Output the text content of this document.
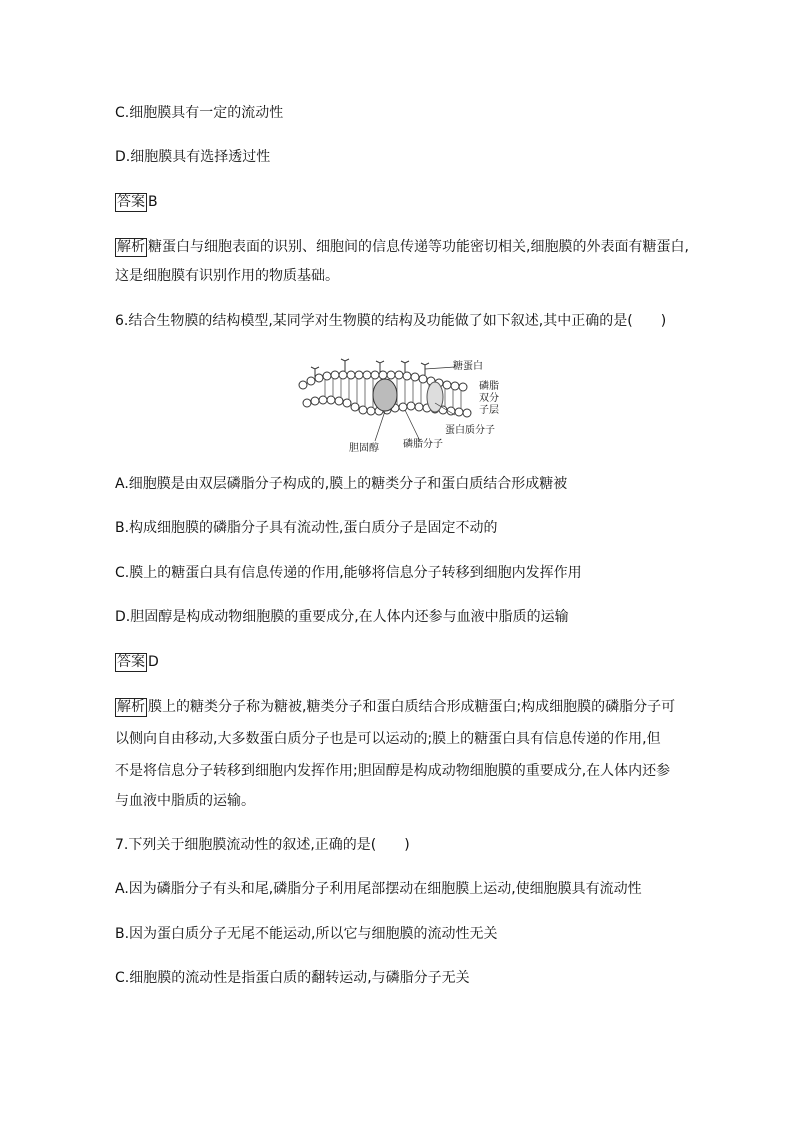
C.细胞膜具有一定的流动性
D.细胞膜具有选择透过性
答案 B
解析 糖蛋白与细胞表面的识别、细胞间的信息传递等功能密切相关,细胞膜的外表面有糖蛋白,
这是细胞膜有识别作用的物质基础。
6.结合生物膜的结构模型,某同学对生物膜的结构及功能做了如下叙述,其中正确的是(　　)
糖蛋白
磷脂
双分
子层
蛋白质分子
胆固醇 磷脂分子
A.细胞膜是由双层磷脂分子构成的,膜上的糖类分子和蛋白质结合形成糖被
B.构成细胞膜的磷脂分子具有流动性,蛋白质分子是固定不动的
C.膜上的糖蛋白具有信息传递的作用,能够将信息分子转移到细胞内发挥作用
D.胆固醇是构成动物细胞膜的重要成分,在人体内还参与血液中脂质的运输
答案 D
解析 膜上的糖类分子称为糖被,糖类分子和蛋白质结合形成糖蛋白;构成细胞膜的磷脂分子可
以侧向自由移动,大多数蛋白质分子也是可以运动的;膜上的糖蛋白具有信息传递的作用,但
不是将信息分子转移到细胞内发挥作用;胆固醇是构成动物细胞膜的重要成分,在人体内还参
与血液中脂质的运输。
7.下列关于细胞膜流动性的叙述,正确的是(　　)
A.因为磷脂分子有头和尾,磷脂分子利用尾部摆动在细胞膜上运动,使细胞膜具有流动性
B.因为蛋白质分子无尾不能运动,所以它与细胞膜的流动性无关
C.细胞膜的流动性是指蛋白质的翻转运动,与磷脂分子无关
